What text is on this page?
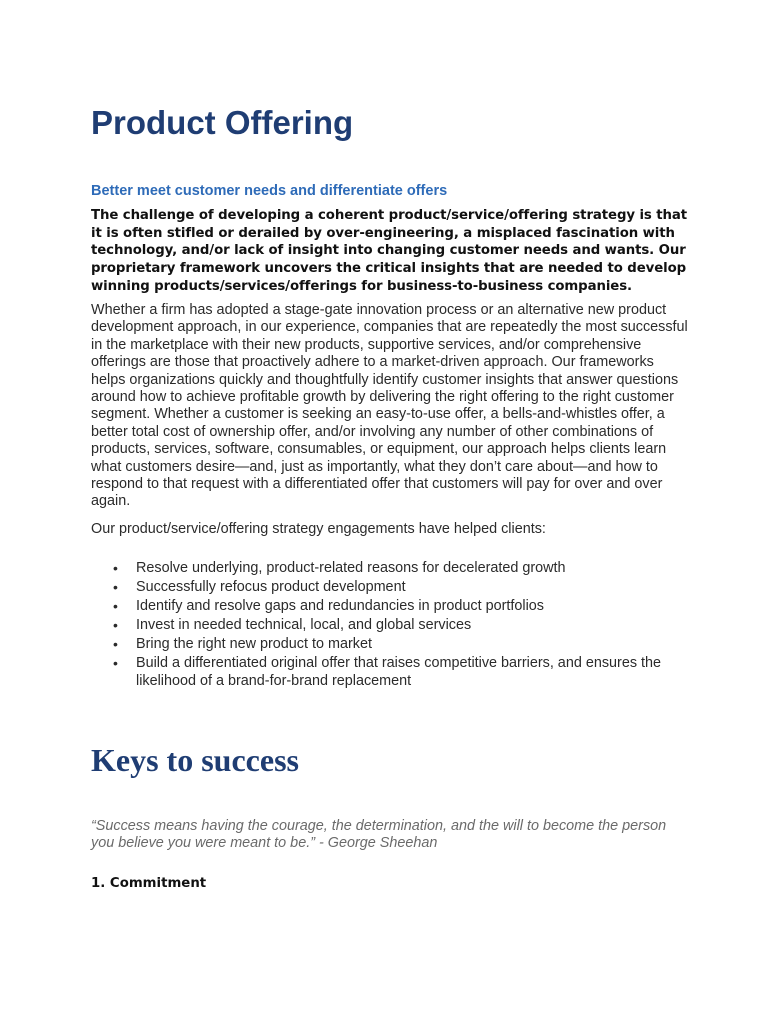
Product Offering
Better meet customer needs and differentiate offers

The challenge of developing a coherent product/service/offering strategy is that it is often stifled or derailed by over-engineering, a misplaced fascination with technology, and/or lack of insight into changing customer needs and wants. Our proprietary framework uncovers the critical insights that are needed to develop winning products/services/offerings for business-to-business companies.

Whether a firm has adopted a stage-gate innovation process or an alternative new product development approach, in our experience, companies that are repeatedly the most successful in the marketplace with their new products, supportive services, and/or comprehensive offerings are those that proactively adhere to a market-driven approach. Our frameworks helps organizations quickly and thoughtfully identify customer insights that answer questions around how to achieve profitable growth by delivering the right offering to the right customer segment. Whether a customer is seeking an easy-to-use offer, a bells-and-whistles offer, a better total cost of ownership offer, and/or involving any number of other combinations of products, services, software, consumables, or equipment, our approach helps clients learn what customers desire—and, just as importantly, what they don’t care about—and how to respond to that request with a differentiated offer that customers will pay for over and over again.

Our product/service/offering strategy engagements have helped clients:

• Resolve underlying, product-related reasons for decelerated growth
• Successfully refocus product development
• Identify and resolve gaps and redundancies in product portfolios
• Invest in needed technical, local, and global services
• Bring the right new product to market
• Build a differentiated original offer that raises competitive barriers, and ensures the likelihood of a brand-for-brand replacement
Keys to success

“Success means having the courage, the determination, and the will to become the person you believe you were meant to be.” - George Sheehan

1. Commitment
